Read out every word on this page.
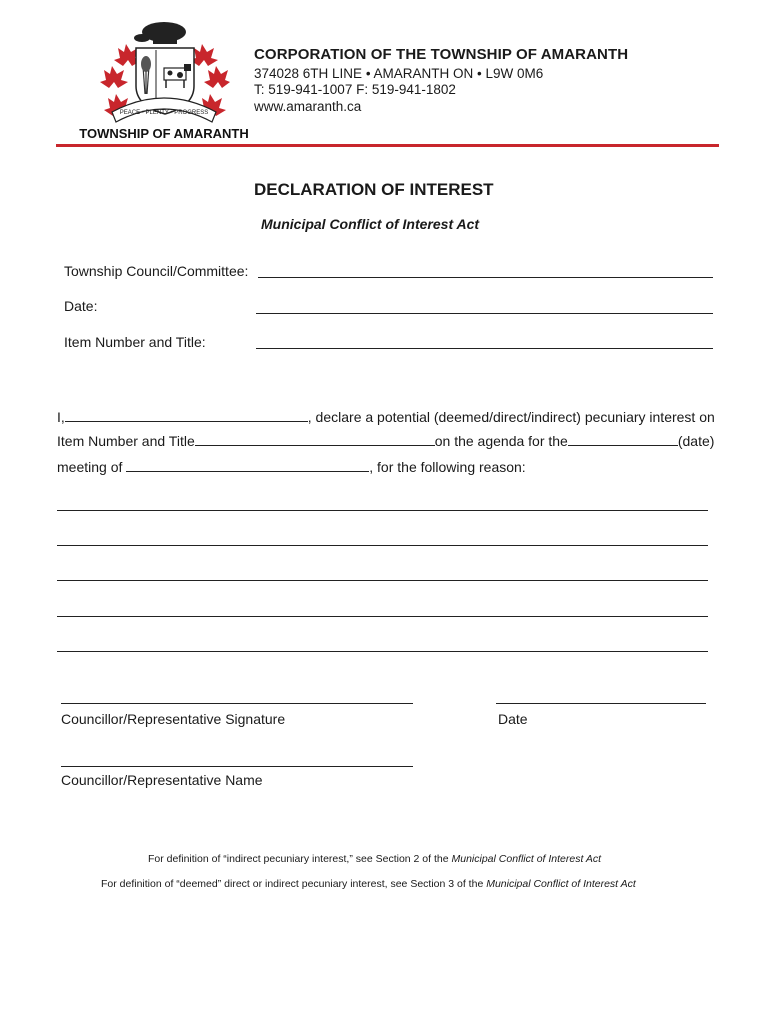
PEACE • PLENTY • PROGRESS
TOWNSHIP OF AMARANTH
CORPORATION OF THE TOWNSHIP OF AMARANTH
374028 6TH LINE • AMARANTH ON • L9W 0M6
T: 519-941-1007 F: 519-941-1802
www.amaranth.ca
DECLARATION OF INTEREST
Municipal Conflict of Interest Act
Township Council/Committee:
Date:
Item Number and Title:
I,	, declare a potential (deemed/direct/indirect) pecuniary interest on
Item Number and Title	on the agenda for the	(date)
meeting of	, for the following reason:
Councillor/Representative Signature	Date
Councillor/Representative Name
For definition of “indirect pecuniary interest,” see Section 2 of the Municipal Conflict of Interest Act
For definition of “deemed” direct or indirect pecuniary interest, see Section 3 of the Municipal Conflict of Interest Act
